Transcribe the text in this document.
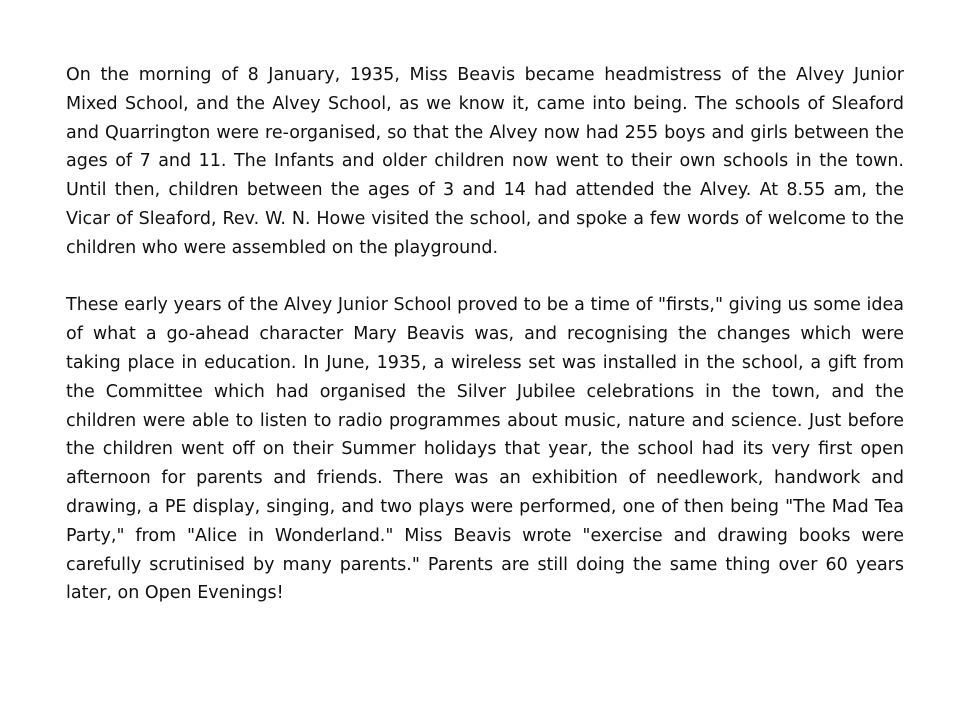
On the morning of 8 January, 1935, Miss Beavis became headmistress of the Alvey Junior Mixed School, and the Alvey School, as we know it, came into being. The schools of Sleaford and Quarrington were re-organised, so that the Alvey now had 255 boys and girls between the ages of 7 and 11. The Infants and older children now went to their own schools in the town. Until then, children between the ages of 3 and 14 had attended the Alvey. At 8.55 am, the Vicar of Sleaford, Rev. W. N. Howe visited the school, and spoke a few words of welcome to the children who were assembled on the playground.

These early years of the Alvey Junior School proved to be a time of "firsts," giving us some idea of what a go-ahead character Mary Beavis was, and recognising the changes which were taking place in education. In June, 1935, a wireless set was installed in the school, a gift from the Committee which had organised the Silver Jubilee celebrations in the town, and the children were able to listen to radio programmes about music, nature and science. Just before the children went off on their Summer holidays that year, the school had its very first open afternoon for parents and friends. There was an exhibition of needlework, handwork and drawing, a PE display, singing, and two plays were performed, one of then being "The Mad Tea Party," from "Alice in Wonderland." Miss Beavis wrote "exercise and drawing books were carefully scrutinised by many parents." Parents are still doing the same thing over 60 years later, on Open Evenings!
